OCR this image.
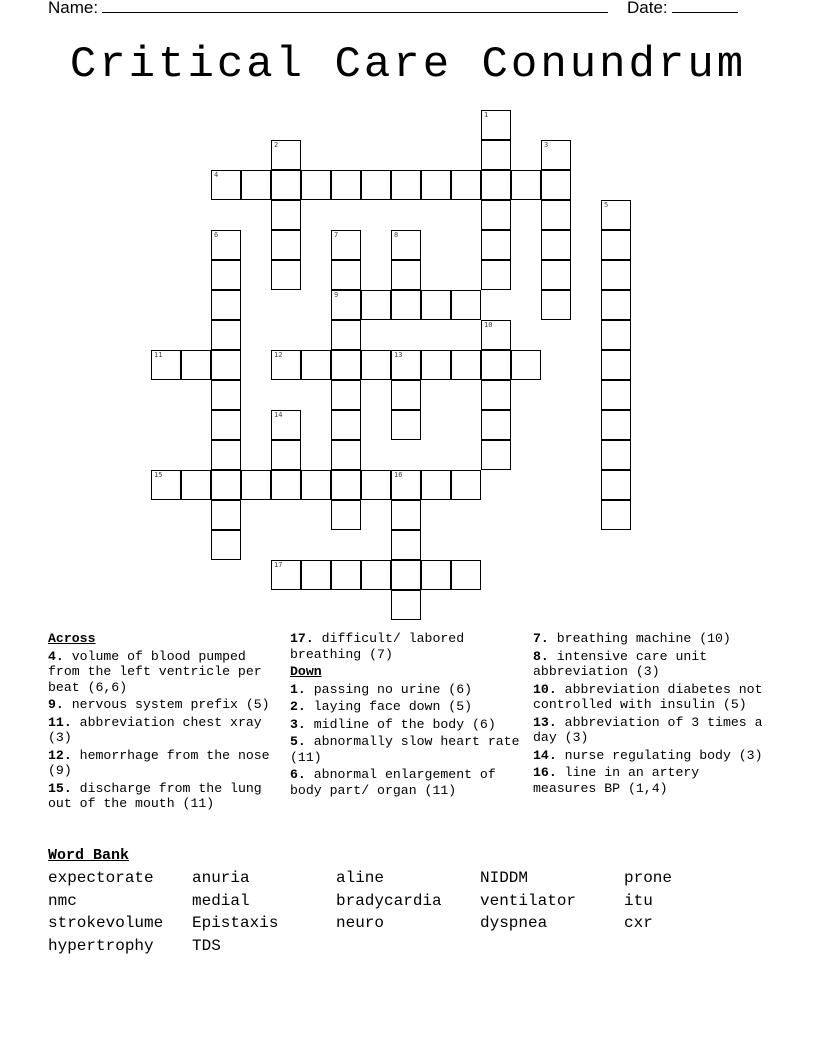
Name:	Date:
Critical Care Conundrum
1
2	3
4
5
6	7
9
8
10
11	12	13
14
15	16
17
Across
4. volume of blood pumped from the left ventricle per beat (6,6)
9. nervous system prefix (5)
11. abbreviation chest xray (3)
12. hemorrhage from the nose (9)
15. discharge from the lung out of the mouth (11)
17. difficult/ labored breathing (7)
Down
1. passing no urine (6)
2. laying face down (5)
3. midline of the body (6)
5. abnormally slow heart rate (11)
6. abnormal enlargement of body part/ organ (11)
7. breathing machine (10)
8. intensive care unit abbreviation (3)
10. abbreviation diabetes not controlled with insulin (5)
13. abbreviation of 3 times a day (3)
14. nurse regulating body (3)
16. line in an artery measures BP (1,4)
Word Bank
expectorate anuria	aline	NIDDM	prone
nmc	medial	bradycardia ventilator	itu
strokevolume Epistaxis	neuro	dyspnea	cxr
hypertrophy TDS
